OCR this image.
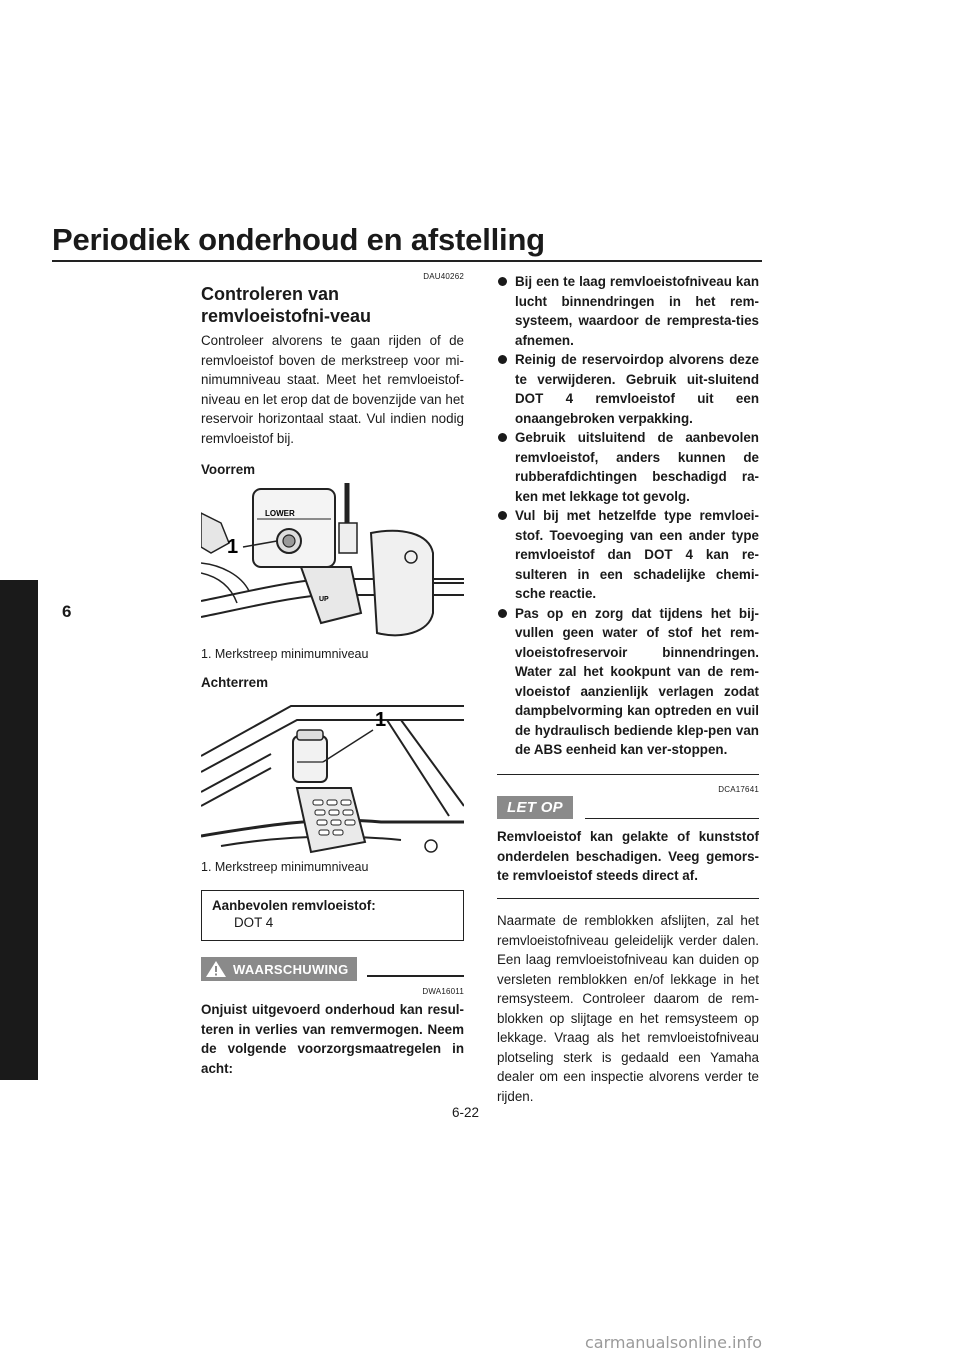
Periodiek onderhoud en afstelling
6
DAU40262
Controleren van remvloeistofni-veau

Controleer alvorens te gaan rijden of de remvloeistof boven de merkstreep voor mi-nimumniveau staat. Meet het remvloeistof-niveau en let erop dat de bovenzijde van het reservoir horizontaal staat. Vul indien nodig remvloeistof bij.

Voorrem
LOWER
1
UP
1. Merkstreep minimumniveau
Achterrem
1
1. Merkstreep minimumniveau
Aanbevolen remvloeistof:
DOT 4
WAARSCHUWING
DWA16011

Onjuist uitgevoerd onderhoud kan resul-teren in verlies van remvermogen. Neem de volgende voorzorgsmaatregelen in acht:

Bij een te laag remvloeistofniveau kan lucht binnendringen in het rem-systeem, waardoor de rempresta-ties afnemen.
Reinig de reservoirdop alvorens deze te verwijderen. Gebruik uit-sluitend DOT 4 remvloeistof uit een onaangebroken verpakking.
Gebruik uitsluitend de aanbevolen remvloeistof, anders kunnen de rubberafdichtingen beschadigd ra-ken met lekkage tot gevolg.
Vul bij met hetzelfde type remvloei-stof. Toevoeging van een ander type remvloeistof dan DOT 4 kan re-sulteren in een schadelijke chemi-sche reactie.
Pas op en zorg dat tijdens het bij-vullen geen water of stof het rem-vloeistofreservoir binnendringen. Water zal het kookpunt van de rem-vloeistof aanzienlijk verlagen zodat dampbelvorming kan optreden en vuil de hydraulisch bediende klep-pen van de ABS eenheid kan ver-stoppen.
DCA17641
LET OP

Remvloeistof kan gelakte of kunststof onderdelen beschadigen. Veeg gemors-te remvloeistof steeds direct af.

Naarmate de remblokken afslijten, zal het remvloeistofniveau geleidelijk verder dalen. Een laag remvloeistofniveau kan duiden op versleten remblokken en/of lekkage in het remsysteem. Controleer daarom de rem-blokken op slijtage en het remsysteem op lekkage. Vraag als het remvloeistofniveau plotseling sterk is gedaald een Yamaha dealer om een inspectie alvorens verder te rijden.

6-22
carmanualsonline.info
